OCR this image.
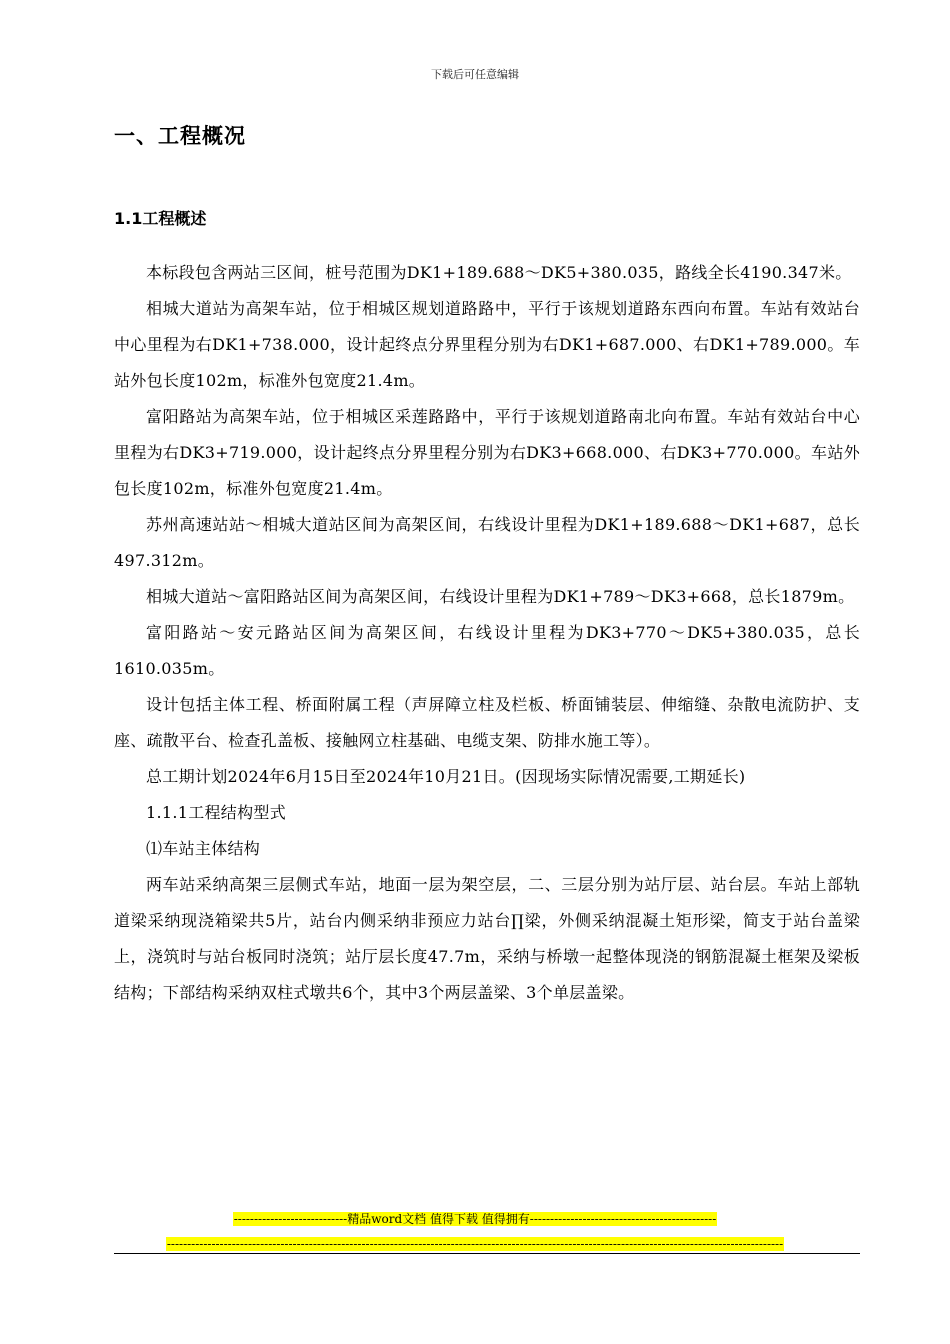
下载后可任意编辑
一、工程概况
1.1工程概述

本标段包含两站三区间，桩号范围为DK1+189.688～DK5+380.035，路线全长4190.347米。

相城大道站为高架车站，位于相城区规划道路路中，平行于该规划道路东西向布置。车站有效站台中心里程为右DK1+738.000，设计起终点分界里程分别为右DK1+687.000、右DK1+789.000。车站外包长度102m，标准外包宽度21.4m。

富阳路站为高架车站，位于相城区采莲路路中，平行于该规划道路南北向布置。车站有效站台中心里程为右DK3+719.000，设计起终点分界里程分别为右DK3+668.000、右DK3+770.000。车站外包长度102m，标准外包宽度21.4m。

苏州高速站站～相城大道站区间为高架区间，右线设计里程为DK1+189.688～DK1+687，总长497.312m。

相城大道站～富阳路站区间为高架区间，右线设计里程为DK1+789～DK3+668，总长1879m。

富阳路站～安元路站区间为高架区间，右线设计里程为DK3+770～DK5+380.035，总长1610.035m。

设计包括主体工程、桥面附属工程（声屏障立柱及栏板、桥面铺装层、伸缩缝、杂散电流防护、支座、疏散平台、检查孔盖板、接触网立柱基础、电缆支架、防排水施工等）。

总工期计划2024年6月15日至2024年10月21日。(因现场实际情况需要,工期延长)

1.1.1工程结构型式

⑴车站主体结构

两车站采纳高架三层侧式车站，地面一层为架空层，二、三层分别为站厅层、站台层。车站上部轨道梁采纳现浇箱梁共5片，站台内侧采纳非预应力站台∏梁，外侧采纳混凝土矩形梁，简支于站台盖梁上，浇筑时与站台板同时浇筑；站厅层长度47.7m，采纳与桥墩一起整体现浇的钢筋混凝土框架及梁板结构；下部结构采纳双柱式墩共6个，其中3个两层盖梁、3个单层盖梁。

----------------------------精品word文档 值得下载 值得拥有----------------------------------------------
--------------------------------------------------------------------------------------------------------------------------------------------------------
